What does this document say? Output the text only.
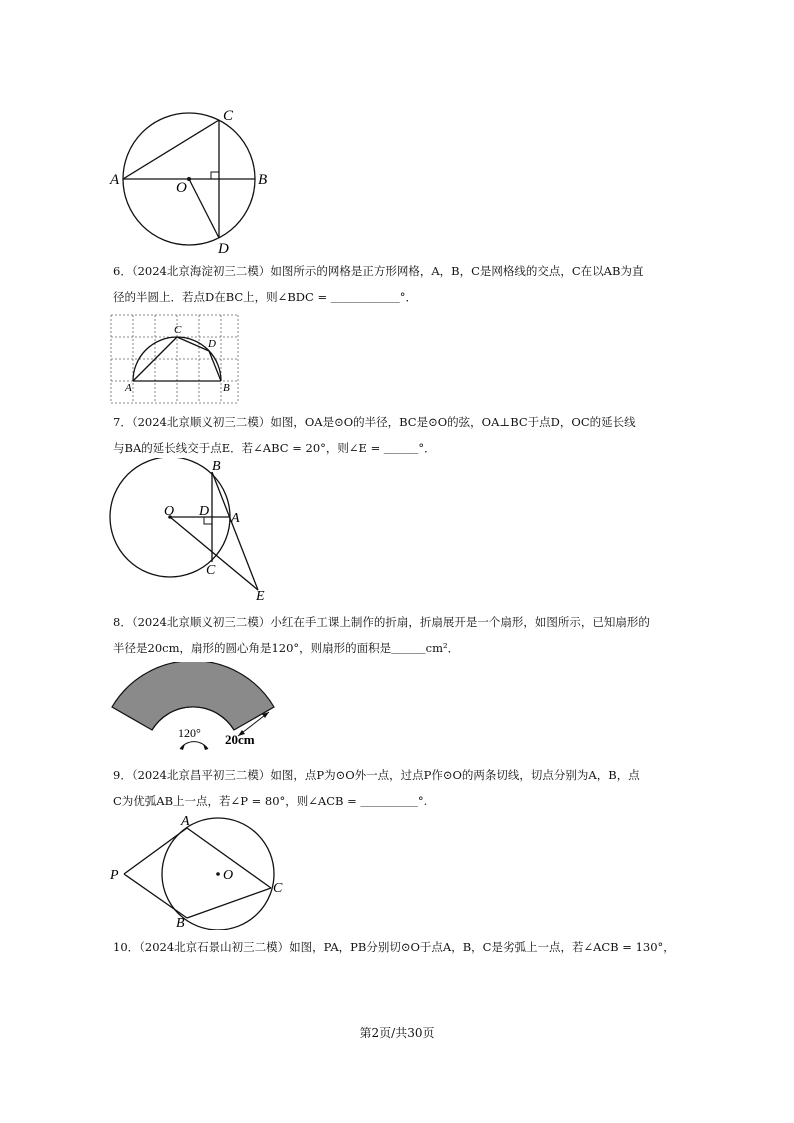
A	B
C
D
O
6．（2024北京海淀初三二模）如图所示的网格是正方形网格，A，B，C是网格线的交点，C在以AB为直
径的半圆上．若点D在BC上，则∠BDC = ＿＿＿＿＿＿°．
A	B
C
D
7．（2024北京顺义初三二模）如图，OA是⊙O的半径，BC是⊙O的弦，OA⊥BC于点D，OC的延长线
与BA的延长线交于点E．若∠ABC = 20°，则∠E = ＿＿＿°．
B
O D A
C
E
8．（2024北京顺义初三二模）小红在手工课上制作的折扇，折扇展开是一个扇形，如图所示，已知扇形的
半径是20cm，扇形的圆心角是120°，则扇形的面积是＿＿＿cm²．
120° 20cm
9．（2024北京昌平初三二模）如图，点P为⊙O外一点，过点P作⊙O的两条切线，切点分别为A，B，点
C为优弧AB上一点，若∠P = 80°，则∠ACB = ＿＿＿＿＿°.
P
A
B
O
C
10．（2024北京石景山初三二模）如图，PA，PB分别切⊙O于点A，B，C是劣弧上一点，若∠ACB = 130°，
第2页/共30页
